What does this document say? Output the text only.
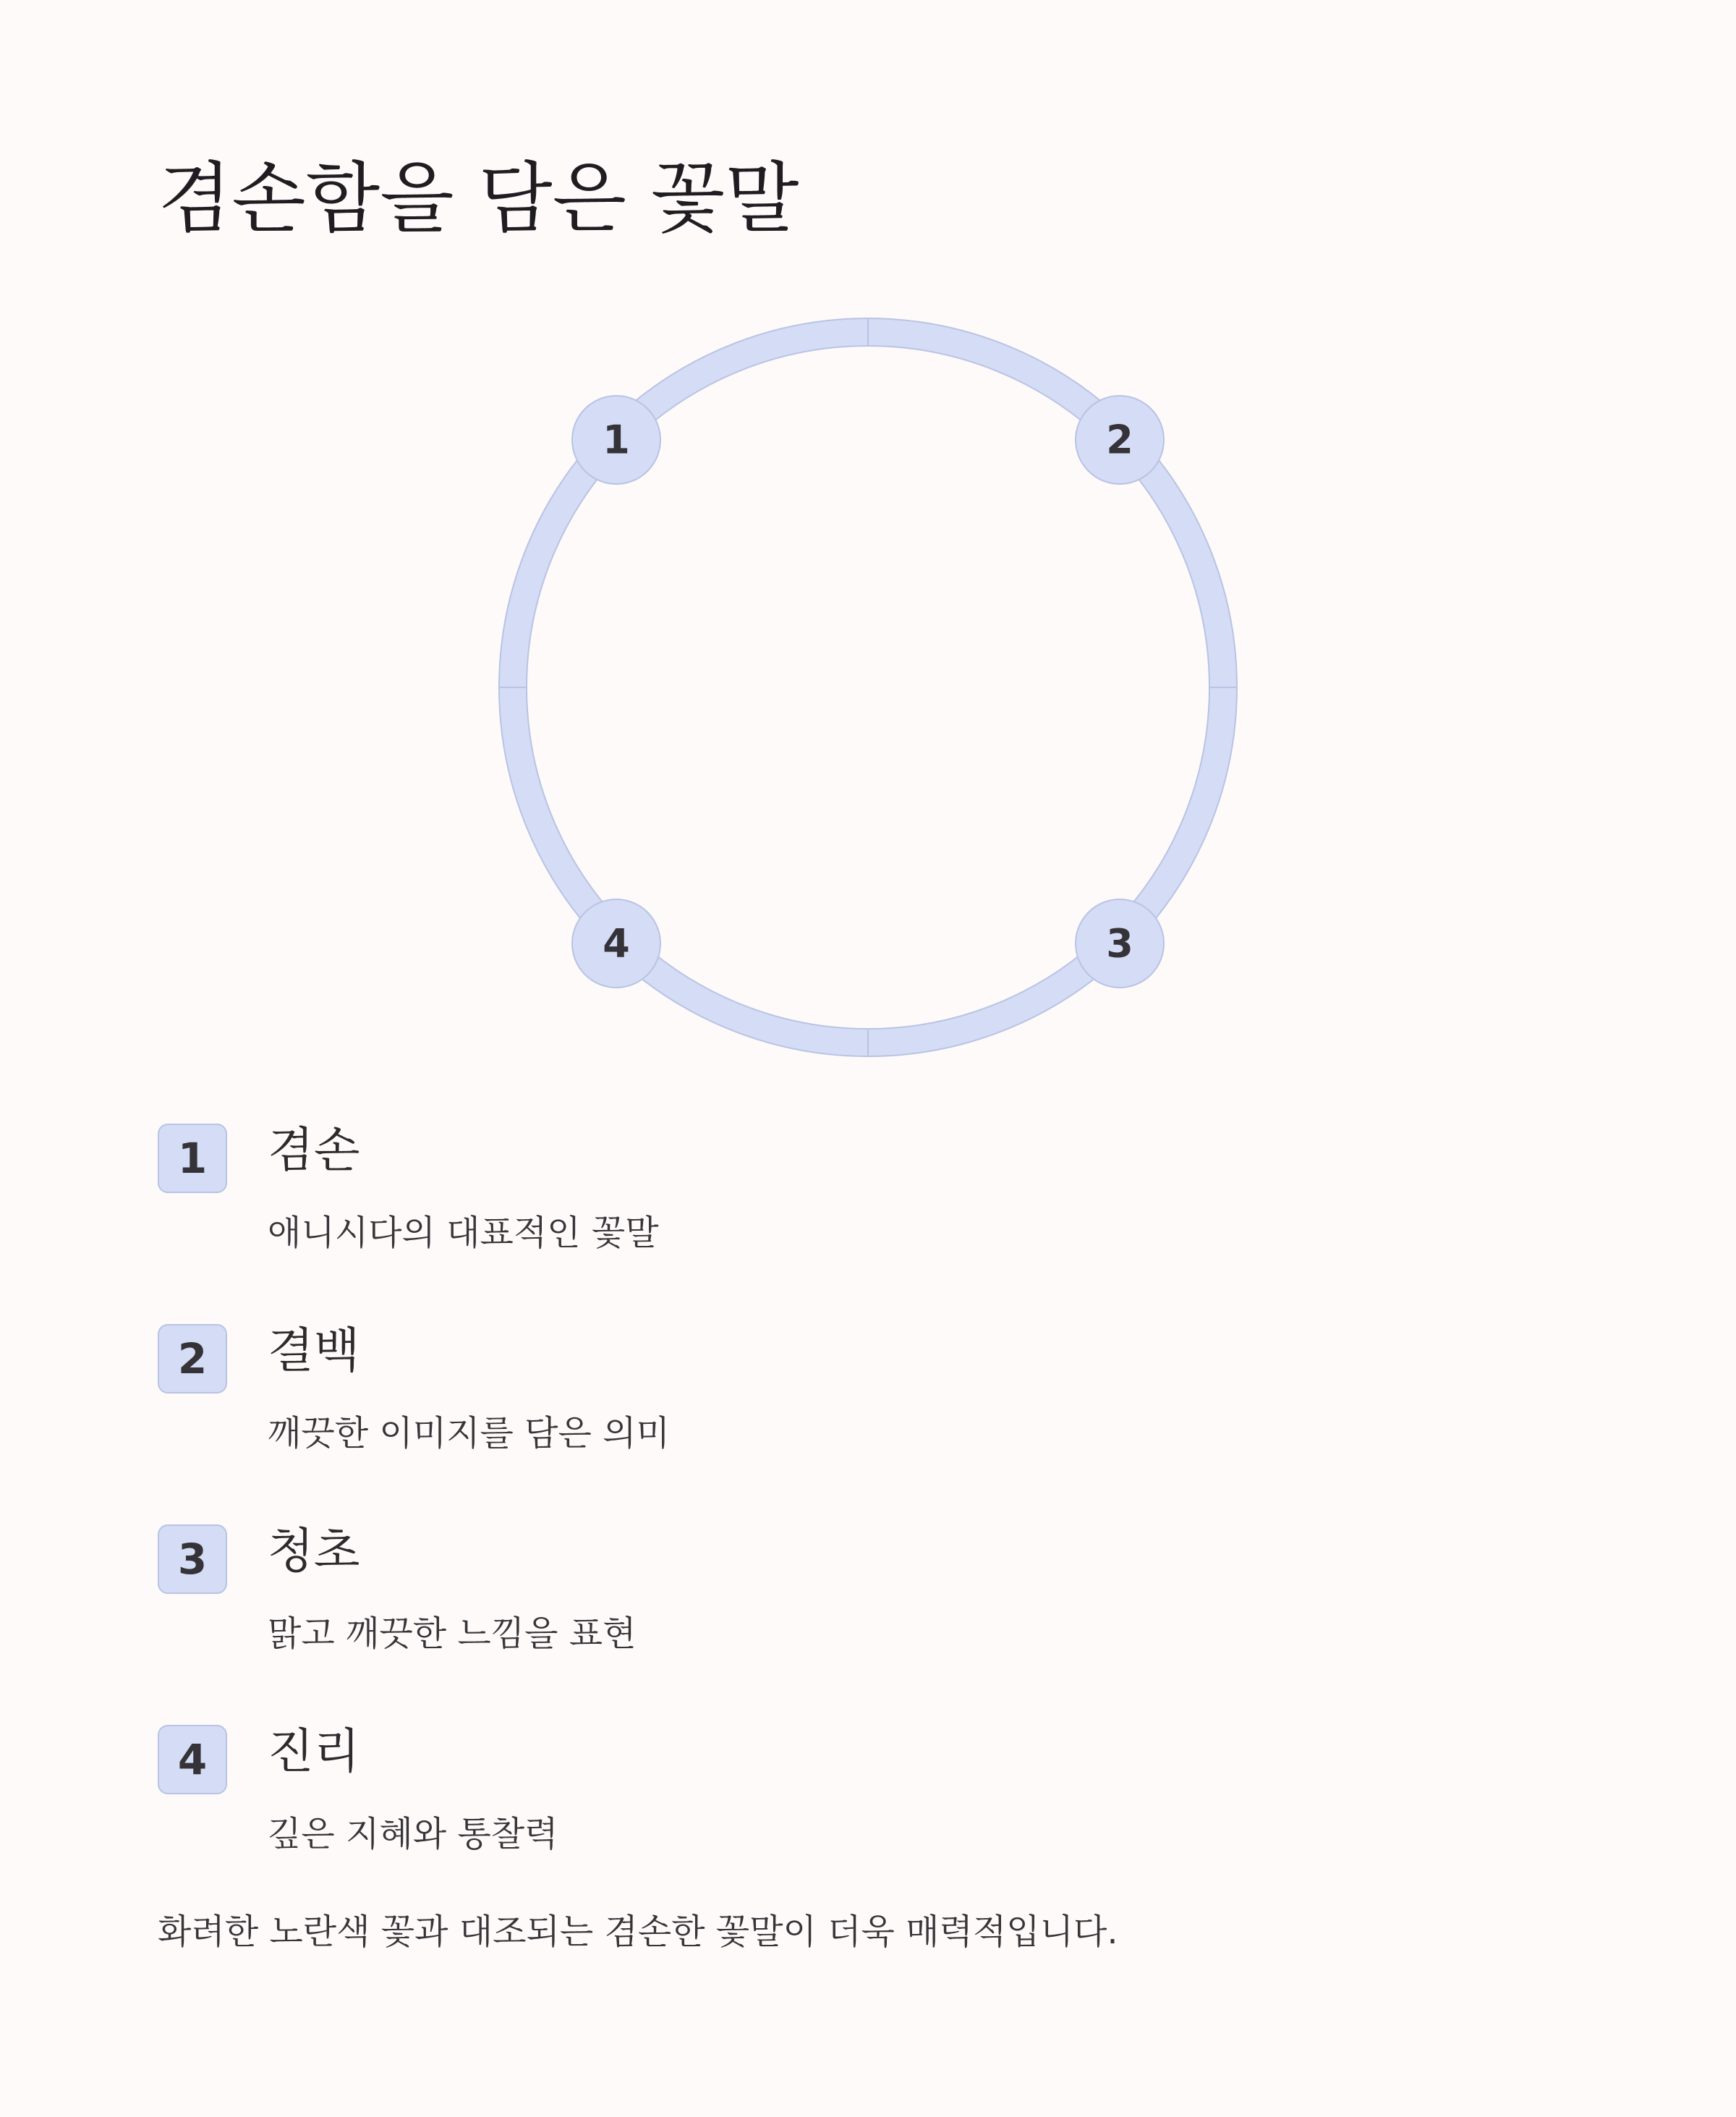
겸손함을 담은 꽃말
1	2
3
4
1	겸손

애니시다의 대표적인 꽃말

2	결백

깨끗한 이미지를 담은 의미

3	청초

맑고 깨끗한 느낌을 표현

4	진리

깊은 지혜와 통찰력

화려한 노란색 꽃과 대조되는 겸손한 꽃말이 더욱 매력적입니다.
